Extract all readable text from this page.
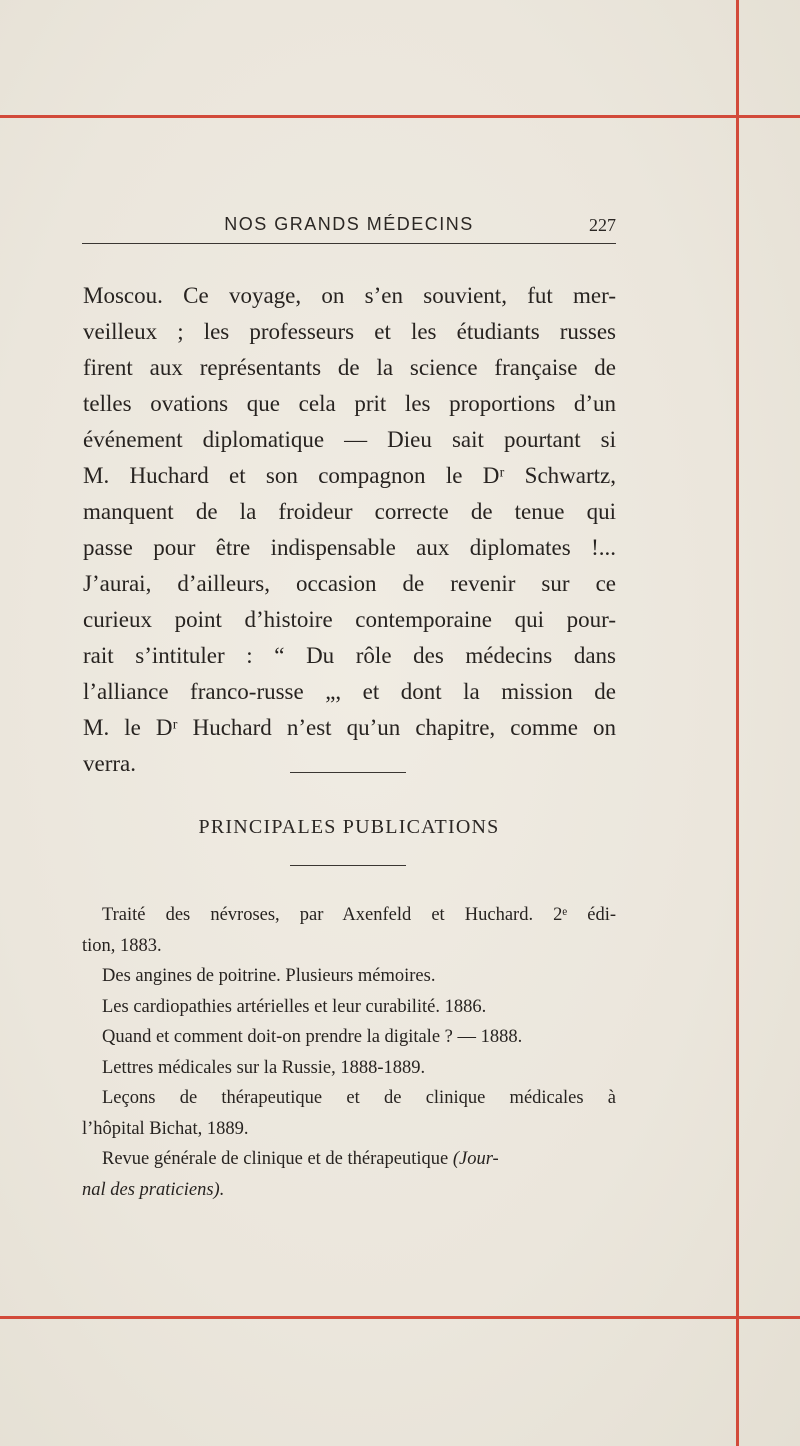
NOS GRANDS MÉDECINS	227
Moscou. Ce voyage, on s’en souvient, fut mer-
veilleux ; les professeurs et les étudiants russes
firent aux représentants de la science française de
telles ovations que cela prit les proportions d’un
événement diplomatique — Dieu sait pourtant si
M. Huchard et son compagnon le Dʳ Schwartz,
manquent de la froideur correcte de tenue qui
passe pour être indispensable aux diplomates !...
J’aurai, d’ailleurs, occasion de revenir sur ce
curieux point d’histoire contemporaine qui pour-
rait s’intituler : “ Du rôle des médecins dans
l’alliance franco-russe „, et dont la mission de
M. le Dʳ Huchard n’est qu’un chapitre, comme on
verra.
PRINCIPALES PUBLICATIONS
Traité des névroses, par Axenfeld et Huchard. 2ᵉ édi-
tion, 1883.
Des angines de poitrine. Plusieurs mémoires.
Les cardiopathies artérielles et leur curabilité. 1886.
Quand et comment doit-on prendre la digitale ? — 1888.
Lettres médicales sur la Russie, 1888-1889.
Leçons de thérapeutique et de clinique médicales à
l’hôpital Bichat, 1889.
Revue générale de clinique et de thérapeutique (Jour-
nal des praticiens).
